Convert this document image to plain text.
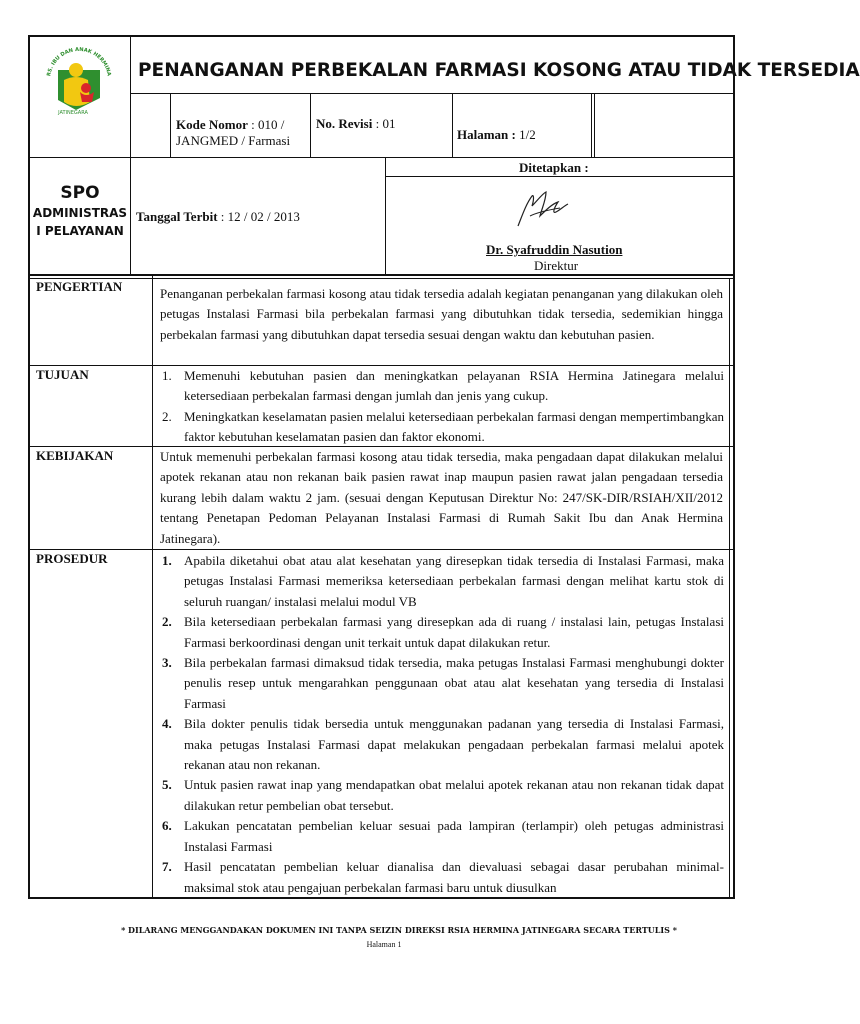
RS. IBU DAN ANAK HERMINA
JATINEGARA
PENANGANAN PERBEKALAN FARMASI KOSONG ATAU TIDAK TERSEDIA
Kode Nomor : 010 /
JANGMED / Farmasi
No. Revisi : 01
Halaman : 1/2
SPO
ADMINISTRAS
I PELAYANAN
Tanggal Terbit : 12 / 02 / 2013
Ditetapkan :
Dr. Syafruddin Nasution
Direktur
PENGERTIAN	Penanganan perbekalan farmasi kosong atau tidak tersedia adalah kegiatan penanganan yang dilakukan oleh petugas Instalasi Farmasi bila perbekalan farmasi yang dibutuhkan tidak tersedia, sedemikian hingga perbekalan farmasi yang dibutuhkan dapat tersedia sesuai dengan waktu dan kebutuhan pasien.
TUJUAN	1. Memenuhi kebutuhan pasien dan meningkatkan pelayanan RSIA Hermina Jatinegara melalui ketersediaan perbekalan farmasi dengan jumlah dan jenis yang cukup.
2. Meningkatkan keselamatan pasien melalui ketersediaan perbekalan farmasi dengan mempertimbangkan faktor kebutuhan keselamatan pasien dan faktor ekonomi.
KEBIJAKAN	Untuk memenuhi perbekalan farmasi kosong atau tidak tersedia, maka pengadaan dapat dilakukan melalui apotek rekanan atau non rekanan baik pasien rawat inap maupun pasien rawat jalan pengadaan tersedia kurang lebih dalam waktu 2 jam. (sesuai dengan Keputusan Direktur No: 247/SK-DIR/RSIAH/XII/2012 tentang Penetapan Pedoman Pelayanan Instalasi Farmasi di Rumah Sakit Ibu dan Anak Hermina Jatinegara).
PROSEDUR	1. Apabila diketahui obat atau alat kesehatan yang diresepkan tidak tersedia di Instalasi Farmasi, maka petugas Instalasi Farmasi memeriksa ketersediaan perbekalan farmasi dengan melihat kartu stok di seluruh ruangan/ instalasi melalui modul VB
2. Bila ketersediaan perbekalan farmasi yang diresepkan ada di ruang / instalasi lain, petugas Instalasi Farmasi berkoordinasi dengan unit terkait untuk dapat dilakukan retur.
3. Bila perbekalan farmasi dimaksud tidak tersedia, maka petugas Instalasi Farmasi menghubungi dokter penulis resep untuk mengarahkan penggunaan obat atau alat kesehatan yang tersedia di Instalasi Farmasi
4. Bila dokter penulis tidak bersedia untuk menggunakan padanan yang tersedia di Instalasi Farmasi, maka petugas Instalasi Farmasi dapat melakukan pengadaan perbekalan farmasi melalui apotek rekanan atau non rekanan.
5. Untuk pasien rawat inap yang mendapatkan obat melalui apotek rekanan atau non rekanan tidak dapat dilakukan retur pembelian obat tersebut.
6. Lakukan pencatatan pembelian keluar sesuai pada lampiran (terlampir) oleh petugas administrasi Instalasi Farmasi
7. Hasil pencatatan pembelian keluar dianalisa dan dievaluasi sebagai dasar perubahan minimal- maksimal stok atau pengajuan perbekalan farmasi baru untuk diusulkan
* DILARANG MENGGANDAKAN DOKUMEN INI TANPA SEIZIN DIREKSI RSIA HERMINA JATINEGARA SECARA TERTULIS *
Halaman 1
